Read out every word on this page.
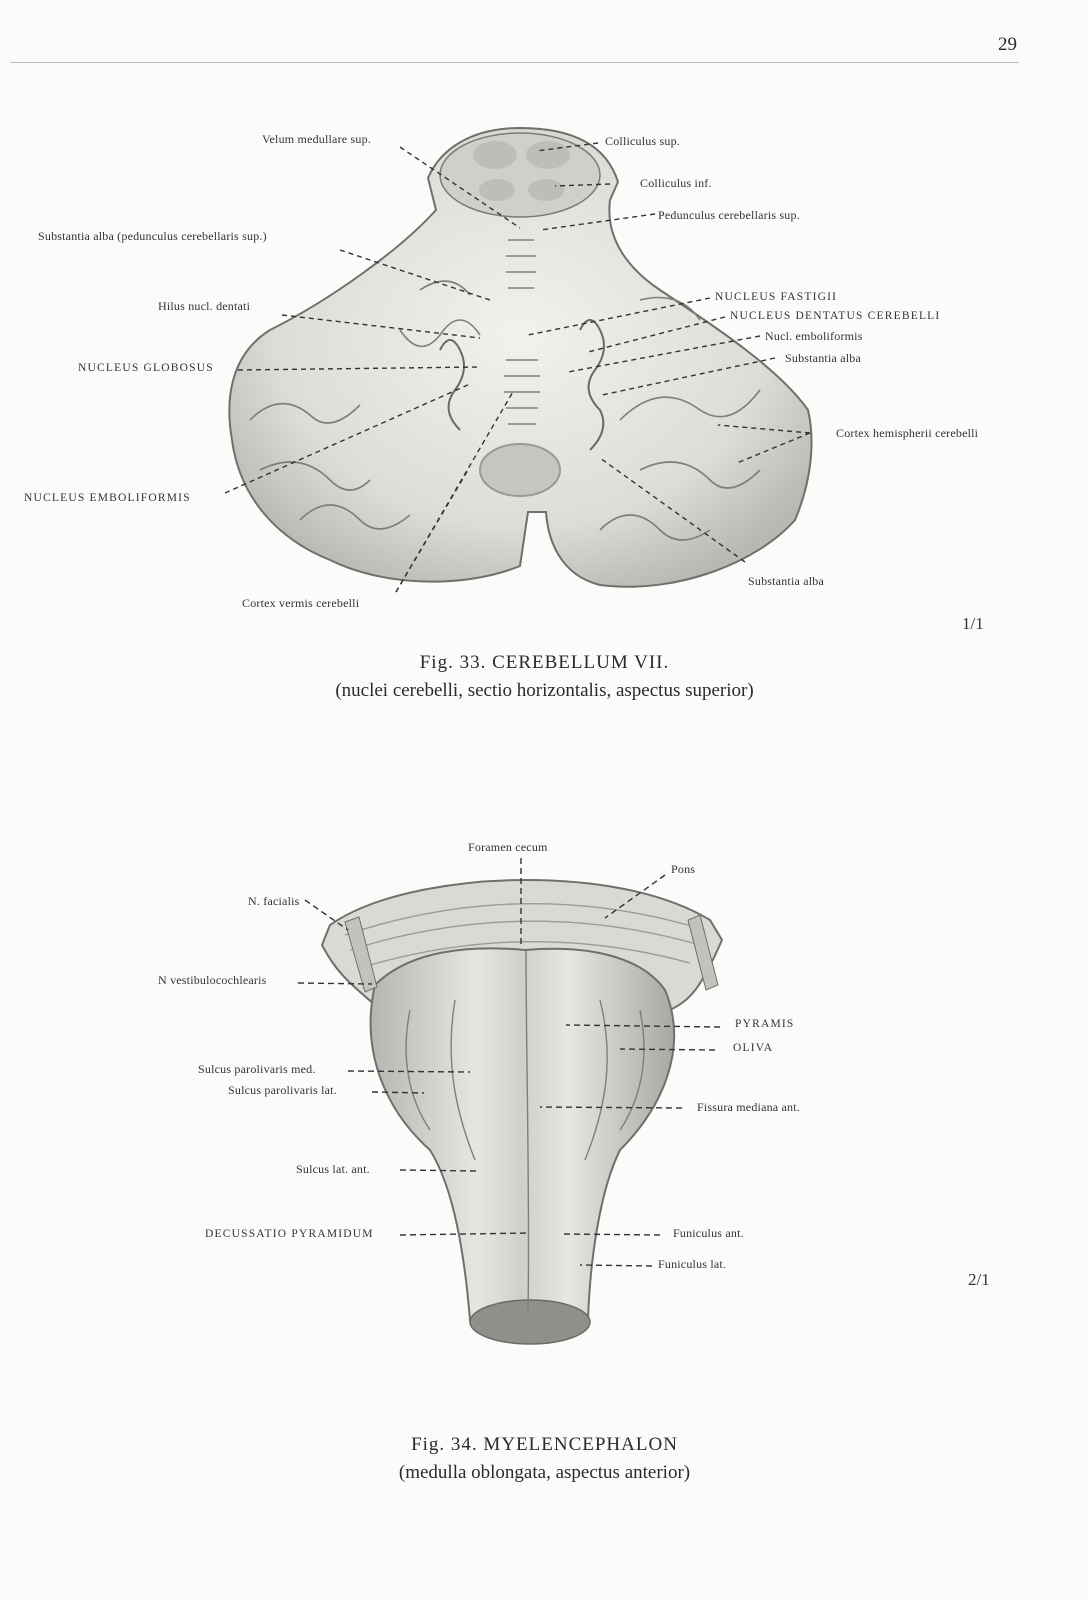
29
Velum medullare sup.	Colliculus sup.
Colliculus inf.
Pedunculus cerebellaris sup.
Substantia alba (pedunculus cerebellaris sup.)
Hilus nucl. dentati
NUCLEUS FASTIGII
NUCLEUS DENTATUS CEREBELLI
Nucl. emboliformis
Substantia alba
NUCLEUS GLOBOSUS
Cortex hemispherii cerebelli
NUCLEUS EMBOLIFORMIS
Substantia alba
Cortex vermis cerebelli
1/1
Fig. 33. CEREBELLUM VII.
(nuclei cerebelli, sectio horizontalis, aspectus superior)
Foramen cecum
Pons
N. facialis
N vestibulocochlearis
PYRAMIS
OLIVA
Sulcus parolivaris med.
Sulcus parolivaris lat.
Fissura mediana ant.
Sulcus lat. ant.
DECUSSATIO PYRAMIDUM	Funiculus ant.
Funiculus lat.
2/1
Fig. 34. MYELENCEPHALON
(medulla oblongata, aspectus anterior)
